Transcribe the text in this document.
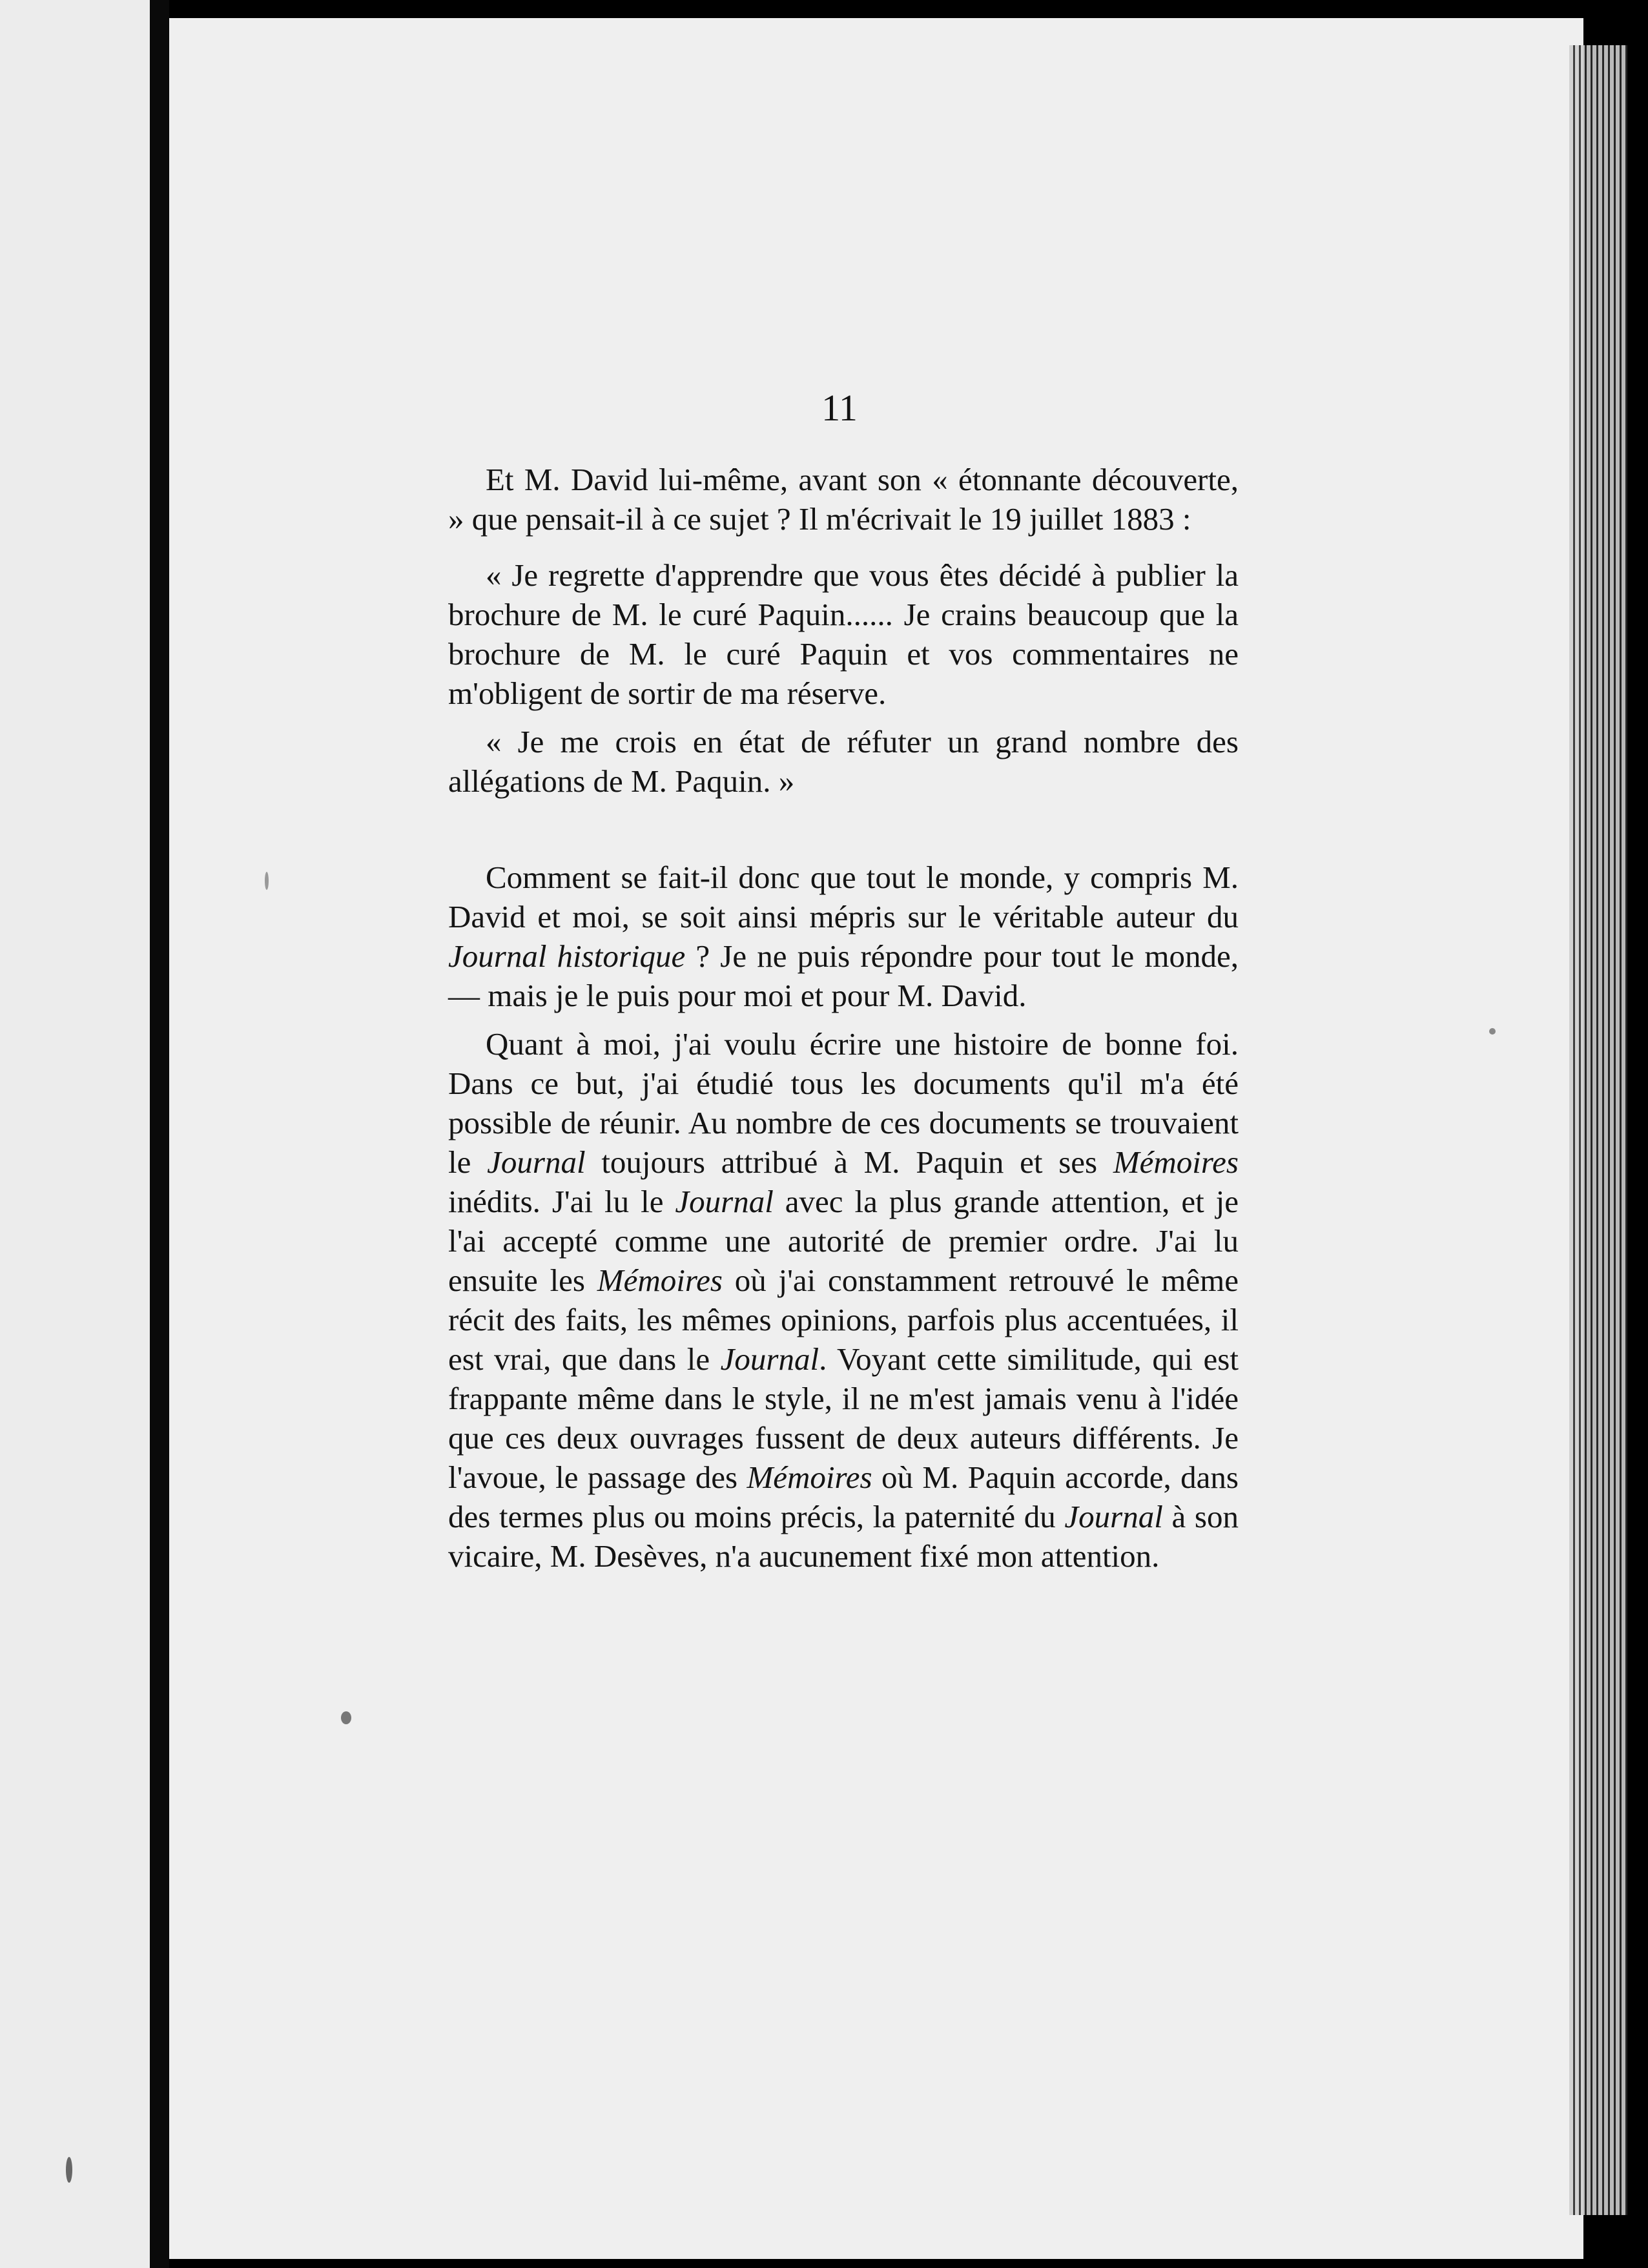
11

Et M. David lui-même, avant son « étonnante découverte, » que pensait-il à ce sujet ? Il m'écrivait le 19 juillet 1883 :

« Je regrette d'apprendre que vous êtes décidé à publier la brochure de M. le curé Paquin...... Je crains beaucoup que la brochure de M. le curé Paquin et vos commentaires ne m'obligent de sortir de ma réserve.

« Je me crois en état de réfuter un grand nombre des allégations de M. Paquin. »

Comment se fait-il donc que tout le monde, y compris M. David et moi, se soit ainsi mépris sur le véritable auteur du Journal historique ? Je ne puis répondre pour tout le monde, — mais je le puis pour moi et pour M. David.

Quant à moi, j'ai voulu écrire une histoire de bonne foi. Dans ce but, j'ai étudié tous les documents qu'il m'a été possible de réunir. Au nombre de ces documents se trouvaient le Journal toujours attribué à M. Paquin et ses Mémoires inédits. J'ai lu le Journal avec la plus grande attention, et je l'ai accepté comme une autorité de premier ordre. J'ai lu ensuite les Mémoires où j'ai constamment retrouvé le même récit des faits, les mêmes opinions, parfois plus accentuées, il est vrai, que dans le Journal. Voyant cette similitude, qui est frappante même dans le style, il ne m'est jamais venu à l'idée que ces deux ouvrages fussent de deux auteurs différents. Je l'avoue, le passage des Mémoires où M. Paquin accorde, dans des termes plus ou moins précis, la paternité du Journal à son vicaire, M. Desèves, n'a aucunement fixé mon attention.
